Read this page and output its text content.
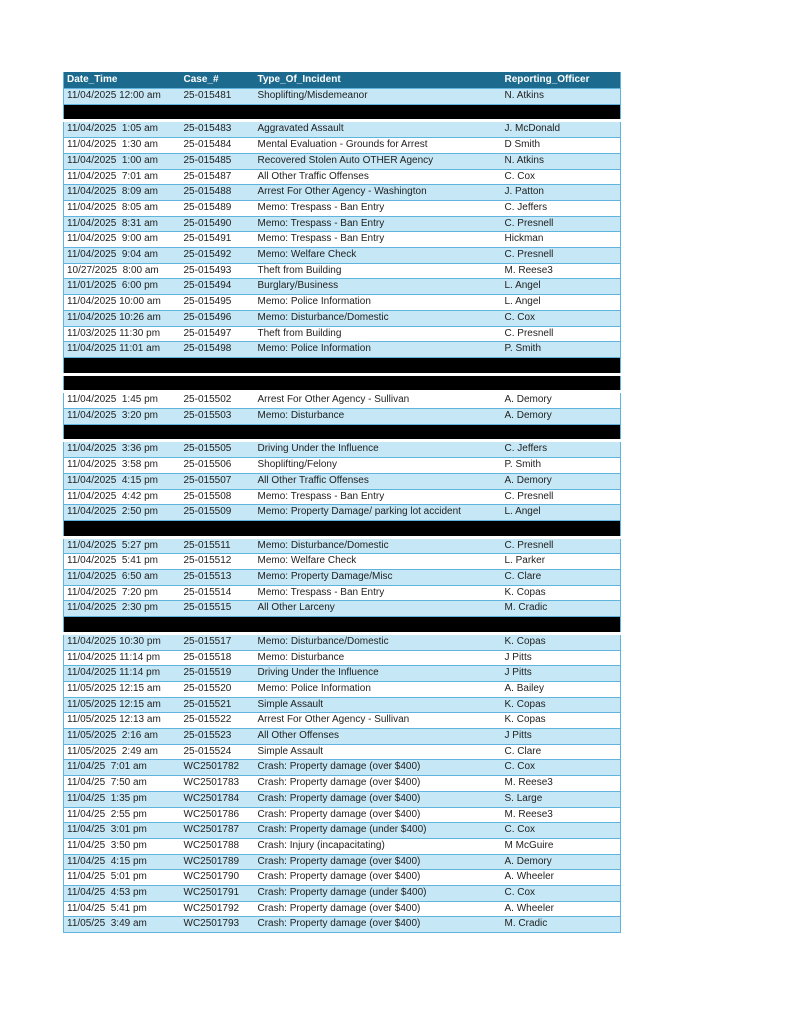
Date_Time	Case_#	Type_Of_Incident	Reporting_Officer
11/04/2025 12:00 am	25-015481	Shoplifting/Misdemeanor	N. Atkins

11/04/2025  1:05 am	25-015483	Aggravated Assault	J. McDonald
11/04/2025  1:30 am	25-015484	Mental Evaluation - Grounds for Arrest	D Smith
11/04/2025  1:00 am	25-015485	Recovered Stolen Auto OTHER Agency	N. Atkins
11/04/2025  7:01 am	25-015487	All Other Traffic Offenses	C. Cox
11/04/2025  8:09 am	25-015488	Arrest For Other Agency - Washington	J. Patton
11/04/2025  8:05 am	25-015489	Memo: Trespass - Ban Entry	C. Jeffers
11/04/2025  8:31 am	25-015490	Memo: Trespass - Ban Entry	C. Presnell
11/04/2025  9:00 am	25-015491	Memo: Trespass - Ban Entry	Hickman
11/04/2025  9:04 am	25-015492	Memo: Welfare Check	C. Presnell
10/27/2025  8:00 am	25-015493	Theft from Building	M. Reese3
11/01/2025  6:00 pm	25-015494	Burglary/Business	L. Angel
11/04/2025 10:00 am	25-015495	Memo: Police Information	L. Angel
11/04/2025 10:26 am	25-015496	Memo: Disturbance/Domestic	C. Cox
11/03/2025 11:30 pm	25-015497	Theft from Building	C. Presnell
11/04/2025 11:01 am	25-015498	Memo: Police Information	P. Smith

11/04/2025  1:45 pm	25-015502	Arrest For Other Agency - Sullivan	A. Demory
11/04/2025  3:20 pm	25-015503	Memo: Disturbance	A. Demory

11/04/2025  3:36 pm	25-015505	Driving Under the Influence	C. Jeffers
11/04/2025  3:58 pm	25-015506	Shoplifting/Felony	P. Smith
11/04/2025  4:15 pm	25-015507	All Other Traffic Offenses	A. Demory
11/04/2025  4:42 pm	25-015508	Memo: Trespass - Ban Entry	C. Presnell
11/04/2025  2:50 pm	25-015509	Memo: Property Damage/ parking lot accident	L. Angel

11/04/2025  5:27 pm	25-015511	Memo: Disturbance/Domestic	C. Presnell
11/04/2025  5:41 pm	25-015512	Memo: Welfare Check	L. Parker
11/04/2025  6:50 am	25-015513	Memo: Property Damage/Misc	C. Clare
11/04/2025  7:20 pm	25-015514	Memo: Trespass - Ban Entry	K. Copas
11/04/2025  2:30 pm	25-015515	All Other Larceny	M. Cradic

11/04/2025 10:30 pm	25-015517	Memo: Disturbance/Domestic	K. Copas
11/04/2025 11:14 pm	25-015518	Memo: Disturbance	J Pitts
11/04/2025 11:14 pm	25-015519	Driving Under the Influence	J Pitts
11/05/2025 12:15 am	25-015520	Memo: Police Information	A. Bailey
11/05/2025 12:15 am	25-015521	Simple Assault	K. Copas
11/05/2025 12:13 am	25-015522	Arrest For Other Agency - Sullivan	K. Copas
11/05/2025  2:16 am	25-015523	All Other Offenses	J Pitts
11/05/2025  2:49 am	25-015524	Simple Assault	C. Clare
11/04/25  7:01 am	WC2501782	Crash: Property damage (over $400)	C. Cox
11/04/25  7:50 am	WC2501783	Crash: Property damage (over $400)	M. Reese3
11/04/25  1:35 pm	WC2501784	Crash: Property damage (over $400)	S. Large
11/04/25  2:55 pm	WC2501786	Crash: Property damage (over $400)	M. Reese3
11/04/25  3:01 pm	WC2501787	Crash: Property damage (under $400)	C. Cox
11/04/25  3:50 pm	WC2501788	Crash: Injury (incapacitating)	M McGuire
11/04/25  4:15 pm	WC2501789	Crash: Property damage (over $400)	A. Demory
11/04/25  5:01 pm	WC2501790	Crash: Property damage (over $400)	A. Wheeler
11/04/25  4:53 pm	WC2501791	Crash: Property damage (under $400)	C. Cox
11/04/25  5:41 pm	WC2501792	Crash: Property damage (over $400)	A. Wheeler
11/05/25  3:49 am	WC2501793	Crash: Property damage (over $400)	M. Cradic
